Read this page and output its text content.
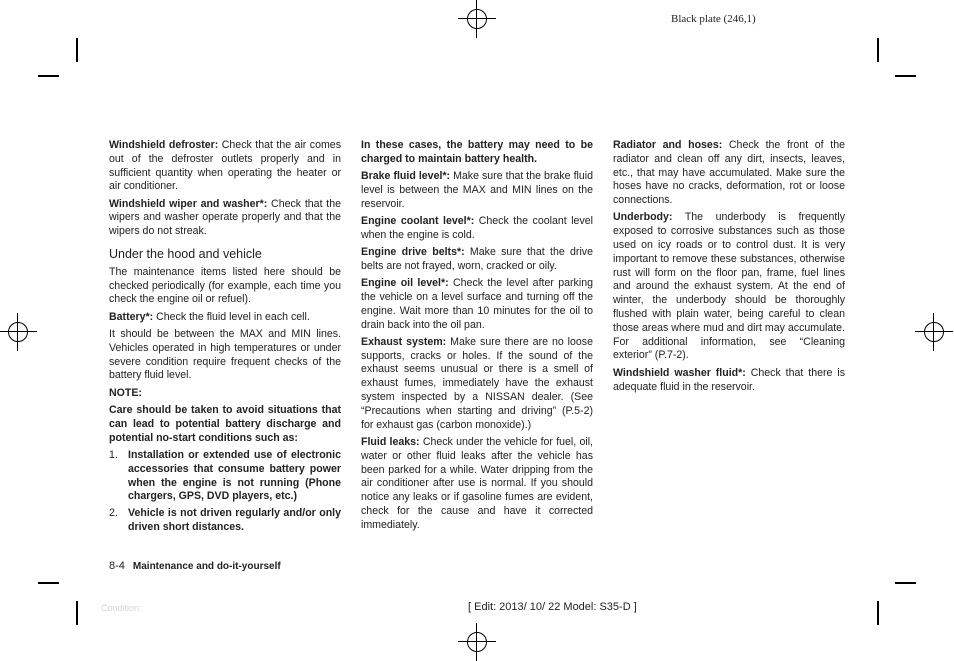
Black plate (246,1)

Windshield defroster: Check that the air comes out of the defroster outlets properly and in sufficient quantity when operating the heater or air conditioner.

Windshield wiper and washer*: Check that the wipers and washer operate properly and that the wipers do not streak.

Under the hood and vehicle

The maintenance items listed here should be checked periodically (for example, each time you check the engine oil or refuel).

Battery*: Check the fluid level in each cell.

It should be between the MAX and MIN lines. Vehicles operated in high temperatures or under severe condition require frequent checks of the battery fluid level.

NOTE:

Care should be taken to avoid situations that can lead to potential battery discharge and potential no-start conditions such as:

1. Installation or extended use of electronic accessories that consume battery power when the engine is not running (Phone chargers, GPS, DVD players, etc.)
2. Vehicle is not driven regularly and/or only driven short distances.

In these cases, the battery may need to be charged to maintain battery health.

Brake fluid level*: Make sure that the brake fluid level is between the MAX and MIN lines on the reservoir.

Engine coolant level*: Check the coolant level when the engine is cold.

Engine drive belts*: Make sure that the drive belts are not frayed, worn, cracked or oily.

Engine oil level*: Check the level after parking the vehicle on a level surface and turning off the engine. Wait more than 10 minutes for the oil to drain back into the oil pan.

Exhaust system: Make sure there are no loose supports, cracks or holes. If the sound of the exhaust seems unusual or there is a smell of exhaust fumes, immediately have the exhaust system inspected by a NISSAN dealer. (See “Precautions when starting and driving” (P.5-2) for exhaust gas (carbon monoxide).)

Fluid leaks: Check under the vehicle for fuel, oil, water or other fluid leaks after the vehicle has been parked for a while. Water dripping from the air conditioner after use is normal. If you should notice any leaks or if gasoline fumes are evident, check for the cause and have it corrected immediately.

Radiator and hoses: Check the front of the radiator and clean off any dirt, insects, leaves, etc., that may have accumulated. Make sure the hoses have no cracks, deformation, rot or loose connections.

Underbody: The underbody is frequently exposed to corrosive substances such as those used on icy roads or to control dust. It is very important to remove these substances, otherwise rust will form on the floor pan, frame, fuel lines and around the exhaust system. At the end of winter, the underbody should be thoroughly flushed with plain water, being careful to clean those areas where mud and dirt may accumulate. For additional information, see “Cleaning exterior” (P.7-2).

Windshield washer fluid*: Check that there is adequate fluid in the reservoir.

8-4 Maintenance and do-it-yourself
Condition:	[ Edit: 2013/ 10/ 22 Model: S35-D ]
